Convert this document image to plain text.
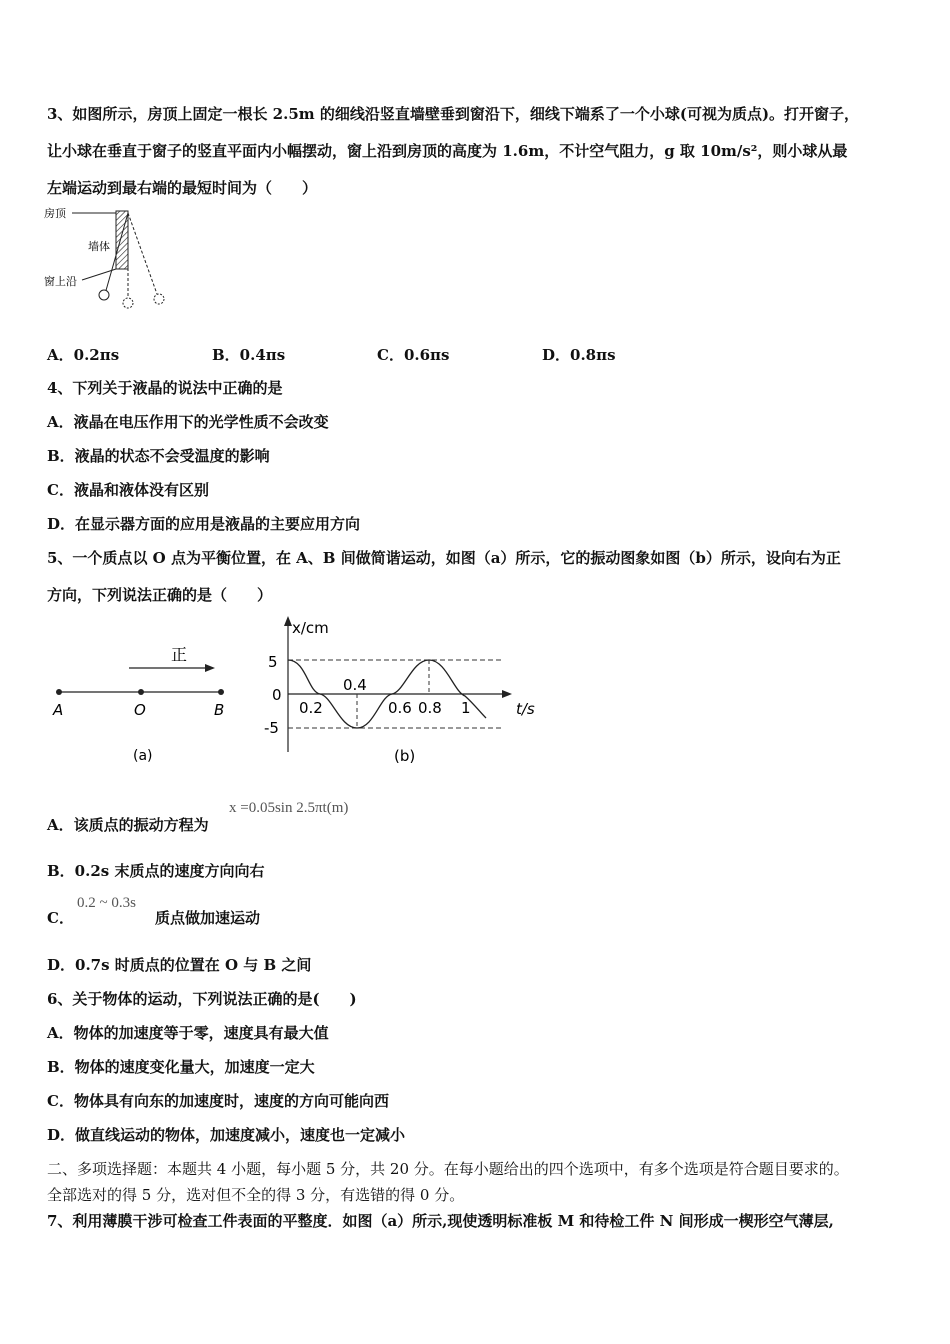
3、如图所示，房顶上固定一根长 2.5m 的细线沿竖直墙壁垂到窗沿下，细线下端系了一个小球(可视为质点)。打开窗子，
让小球在垂直于窗子的竖直平面内小幅摆动，窗上沿到房顶的高度为 1.6m，不计空气阻力，g 取 10m/s²，则小球从最
左端运动到最右端的最短时间为（　　）
房顶
墙体
窗上沿
A．0.2πs	B．0.4πs	C．0.6πs	D．0.8πs
4、下列关于液晶的说法中正确的是
A．液晶在电压作用下的光学性质不会改变
B．液晶的状态不会受温度的影响
C．液晶和液体没有区别
D．在显示器方面的应用是液晶的主要应用方向
5、一个质点以 O 点为平衡位置，在 A、B 间做简谐运动，如图（a）所示，它的振动图象如图（b）所示，设向右为正
方向，下列说法正确的是（　　）
正
A	O	B
(a)
x/cm
t/s
5
0
-5
0.2
0.4
0.6 0.8 1
(b)
A．该质点的振动方程为
x =0.05sin 2.5πt(m)
B．0.2s 末质点的速度方向向右
C．
0.2 ~ 0.3s
质点做加速运动
D．0.7s 时质点的位置在 O 与 B 之间
6、关于物体的运动，下列说法正确的是(　　)
A．物体的加速度等于零，速度具有最大值
B．物体的速度变化量大，加速度一定大
C．物体具有向东的加速度时，速度的方向可能向西
D．做直线运动的物体，加速度减小，速度也一定减小
二、多项选择题：本题共 4 小题，每小题 5 分，共 20 分。在每小题给出的四个选项中，有多个选项是符合题目要求的。
全部选对的得 5 分，选对但不全的得 3 分，有选错的得 0 分。
7、利用薄膜干涉可检查工件表面的平整度．如图（a）所示,现使透明标准板 M 和待检工件 N 间形成一楔形空气薄层,
